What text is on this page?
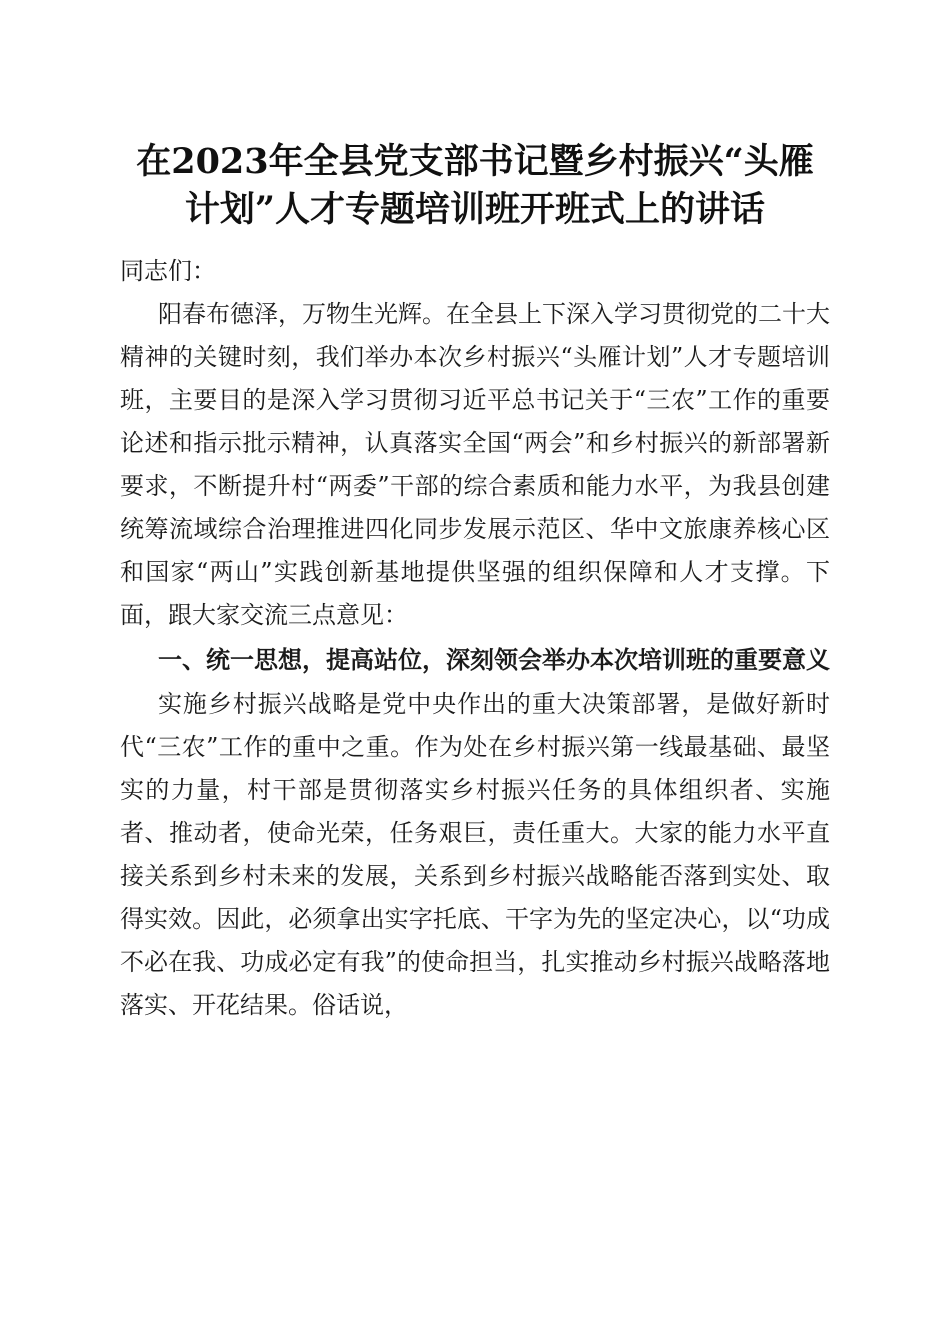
在2023年全县党支部书记暨乡村振兴“头雁
计划”人才专题培训班开班式上的讲话

同志们：

阳春布德泽，万物生光辉。在全县上下深入学习贯彻党的二十大精神的关键时刻，我们举办本次乡村振兴“头雁计划”人才专题培训班，主要目的是深入学习贯彻习近平总书记关于“三农”工作的重要论述和指示批示精神，认真落实全国“两会”和乡村振兴的新部署新要求，不断提升村“两委”干部的综合素质和能力水平，为我县创建统筹流域综合治理推进四化同步发展示范区、华中文旅康养核心区和国家“两山”实践创新基地提供坚强的组织保障和人才支撑。下面，跟大家交流三点意见：

一、统一思想，提高站位，深刻领会举办本次培训班的重要意义

实施乡村振兴战略是党中央作出的重大决策部署，是做好新时代“三农”工作的重中之重。作为处在乡村振兴第一线最基础、最坚实的力量，村干部是贯彻落实乡村振兴任务的具体组织者、实施者、推动者，使命光荣，任务艰巨，责任重大。大家的能力水平直接关系到乡村未来的发展，关系到乡村振兴战略能否落到实处、取得实效。因此，必须拿出实字托底、干字为先的坚定决心，以“功成不必在我、功成必定有我”的使命担当，扎实推动乡村振兴战略落地落实、开花结果。俗话说，
